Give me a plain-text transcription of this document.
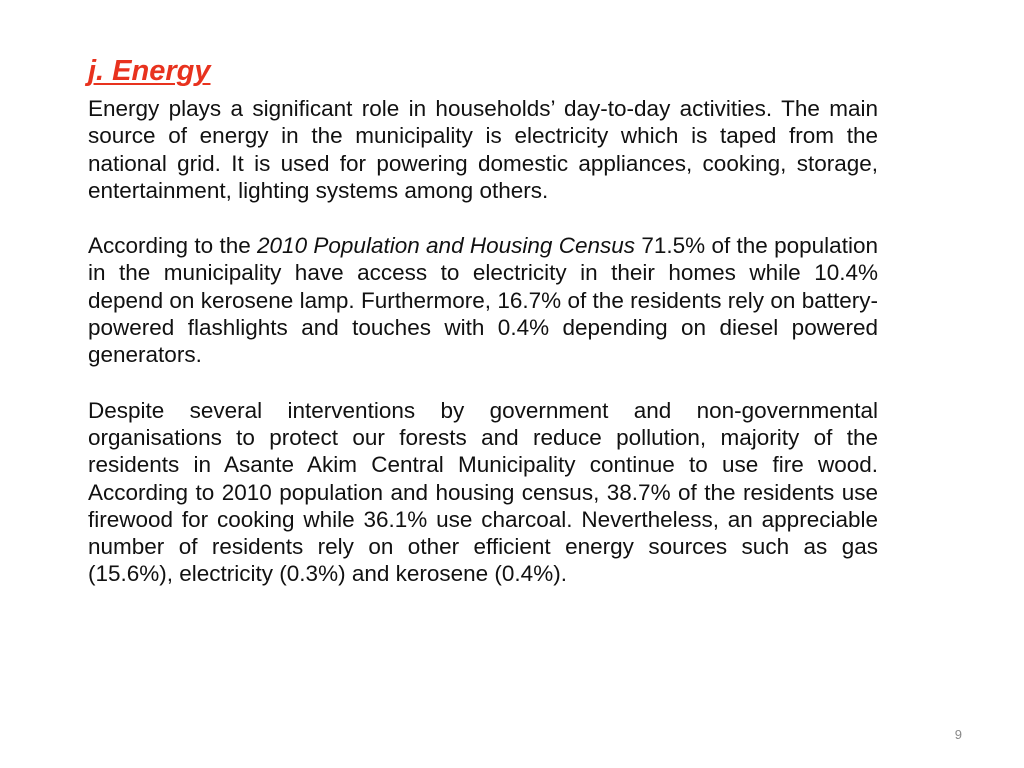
j. Energy

Energy plays a significant role in households’ day-to-day activities. The main source of energy in the municipality is electricity which is taped from the national grid. It is used for powering domestic appliances, cooking, storage, entertainment, lighting systems among others.

According to the 2010 Population and Housing Census 71.5% of the population in the municipality have access to electricity in their homes while 10.4% depend on kerosene lamp. Furthermore, 16.7% of the residents rely on battery-powered flashlights and touches with 0.4% depending on diesel powered generators.

Despite several interventions by government and non-governmental organisations to protect our forests and reduce pollution, majority of the residents in Asante Akim Central Municipality continue to use fire wood. According to 2010 population and housing census, 38.7% of the residents use firewood for cooking while 36.1% use charcoal. Nevertheless, an appreciable number of residents rely on other efficient energy sources such as gas (15.6%), electricity (0.3%) and kerosene (0.4%).

9
